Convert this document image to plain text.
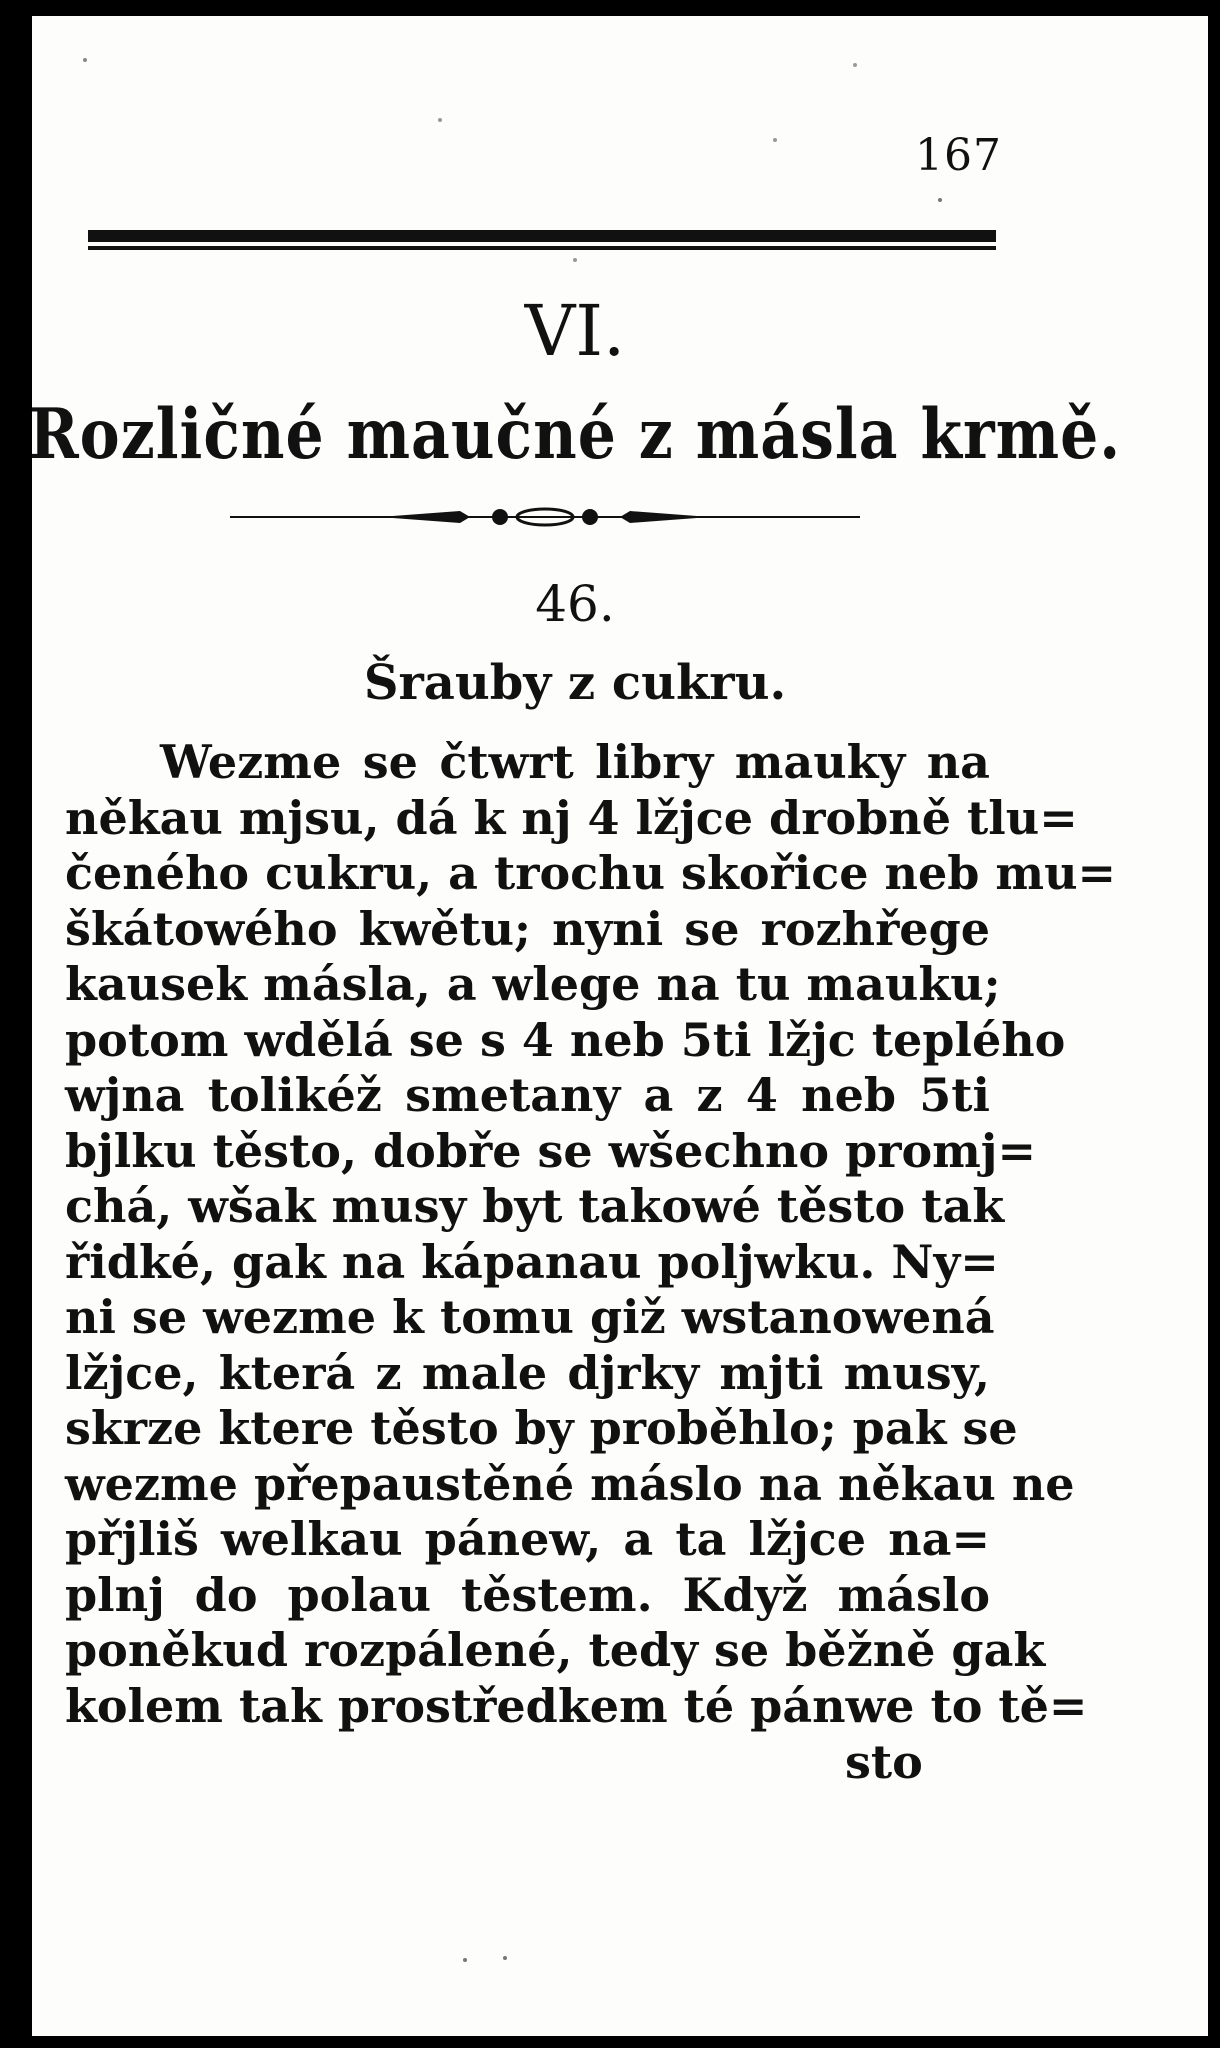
167
VI.
Rozličné maučné z másla krmě.
46.
Šrauby z cukru.
Wezme se čtwrt libry mauky na
někau mjsu, dá k nj 4 lžjce drobně tlu=
čeného cukru, a trochu skořice neb mu=
škátowého kwětu; nyni se rozhřege
kausek másla, a wlege na tu mauku;
potom wdělá se s 4 neb 5ti lžjc teplého
wjna tolikéž smetany a z 4 neb 5ti
bjlku těsto, dobře se wšechno promj=
chá, wšak musy byt takowé těsto tak
řidké, gak na kápanau poljwku. Ny=
ni se wezme k tomu giž wstanowená
lžjce, která z male djrky mjti musy,
skrze ktere těsto by proběhlo; pak se
wezme přepaustěné máslo na někau ne
přjliš welkau pánew, a ta lžjce na=
plnj do polau těstem. Když máslo
poněkud rozpálené, tedy se běžně gak
kolem tak prostředkem té pánwe to tě=
sto
